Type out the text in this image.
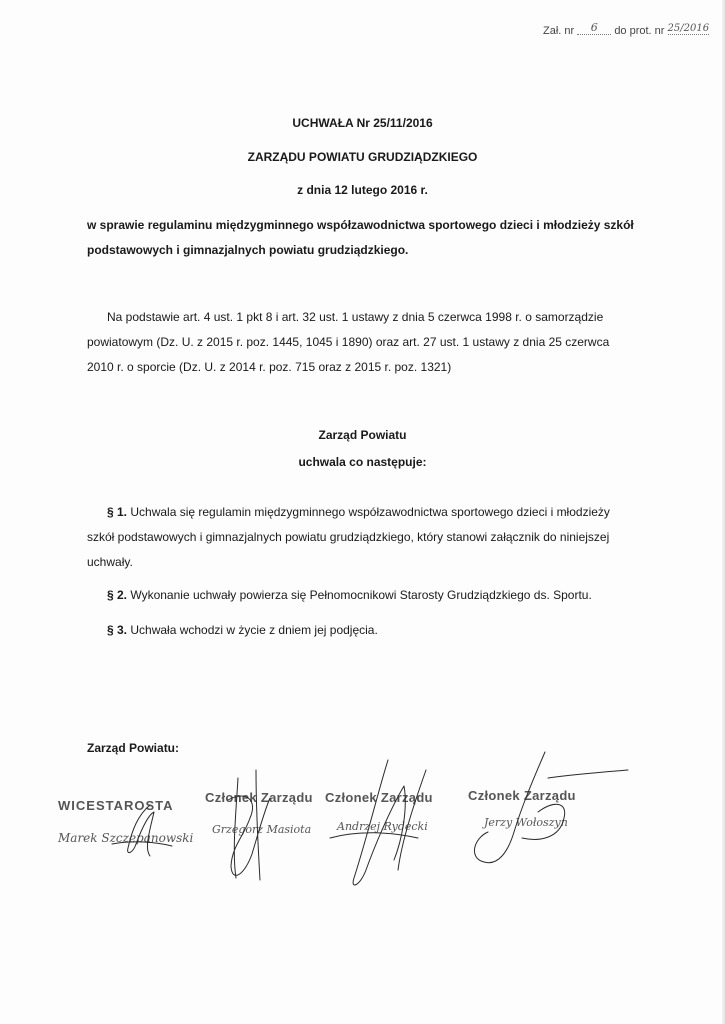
Zał. nr 6 do prot. nr 25/2016
UCHWAŁA Nr 25/11/2016
ZARZĄDU POWIATU GRUDZIĄDZKIEGO
z dnia 12 lutego 2016 r.
w sprawie regulaminu międzygminnego współzawodnictwa sportowego dzieci i młodzieży szkół podstawowych i gimnazjalnych powiatu grudziądzkiego.
Na podstawie art. 4 ust. 1 pkt 8 i art. 32 ust. 1 ustawy z dnia 5 czerwca 1998 r. o samorządzie powiatowym (Dz. U. z 2015 r. poz. 1445, 1045 i 1890) oraz art. 27 ust. 1 ustawy z dnia 25 czerwca 2010 r. o sporcie (Dz. U. z 2014 r. poz. 715 oraz z 2015 r. poz. 1321)
Zarząd Powiatu
uchwala co następuje:
§ 1. Uchwala się regulamin międzygminnego współzawodnictwa sportowego dzieci i młodzieży szkół podstawowych i gimnazjalnych powiatu grudziądzkiego, który stanowi załącznik do niniejszej uchwały.
§ 2. Wykonanie uchwały powierza się Pełnomocnikowi Starosty Grudziądzkiego ds. Sportu.
§ 3. Uchwała wchodzi w życie z dniem jej podjęcia.
Zarząd Powiatu:
WICESTAROSTA
Marek Szczepanowski
Członek Zarządu
Grzegorz Masiota
Członek Zarządu
Andrzej Rydecki
Członek Zarządu
Jerzy Wołoszyn
